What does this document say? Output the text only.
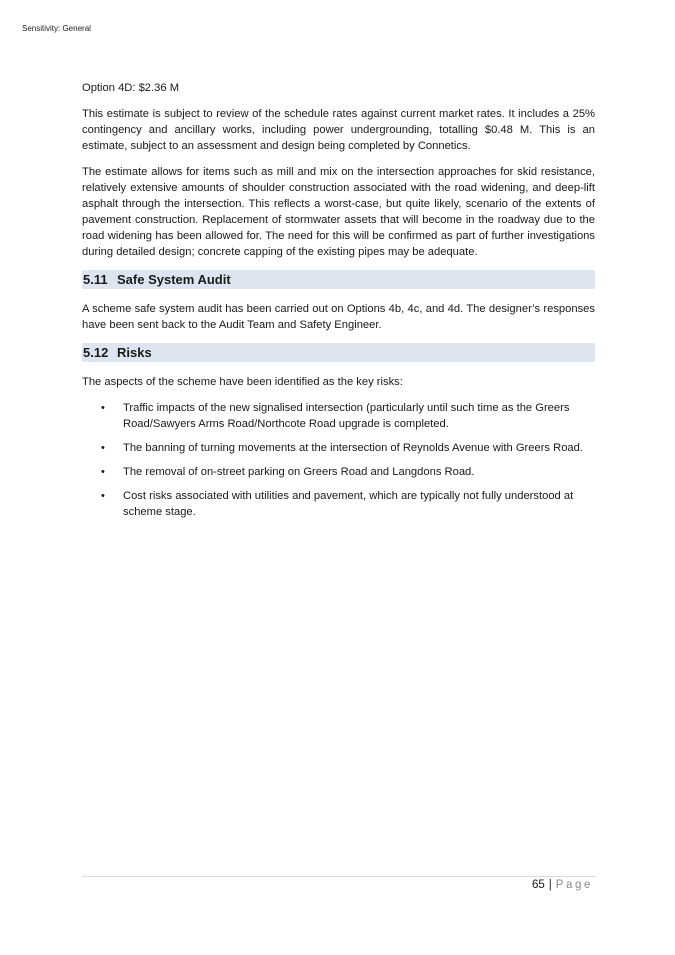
Sensitivity: General

Option 4D: $2.36 M

This estimate is subject to review of the schedule rates against current market rates. It includes a 25% contingency and ancillary works, including power undergrounding, totalling $0.48 M. This is an estimate, subject to an assessment and design being completed by Connetics.

The estimate allows for items such as mill and mix on the intersection approaches for skid resistance, relatively extensive amounts of shoulder construction associated with the road widening, and deep-lift asphalt through the intersection. This reflects a worst-case, but quite likely, scenario of the extents of pavement construction. Replacement of stormwater assets that will become in the roadway due to the road widening has been allowed for. The need for this will be confirmed as part of further investigations during detailed design; concrete capping of the existing pipes may be adequate.

5.11 Safe System Audit

A scheme safe system audit has been carried out on Options 4b, 4c, and 4d. The designer’s responses have been sent back to the Audit Team and Safety Engineer.

5.12 Risks

The aspects of the scheme have been identified as the key risks:

• Traffic impacts of the new signalised intersection (particularly until such time as the Greers Road/Sawyers Arms Road/Northcote Road upgrade is completed.
• The banning of turning movements at the intersection of Reynolds Avenue with Greers Road.
• The removal of on-street parking on Greers Road and Langdons Road.
• Cost risks associated with utilities and pavement, which are typically not fully understood at scheme stage.
65 | Page
